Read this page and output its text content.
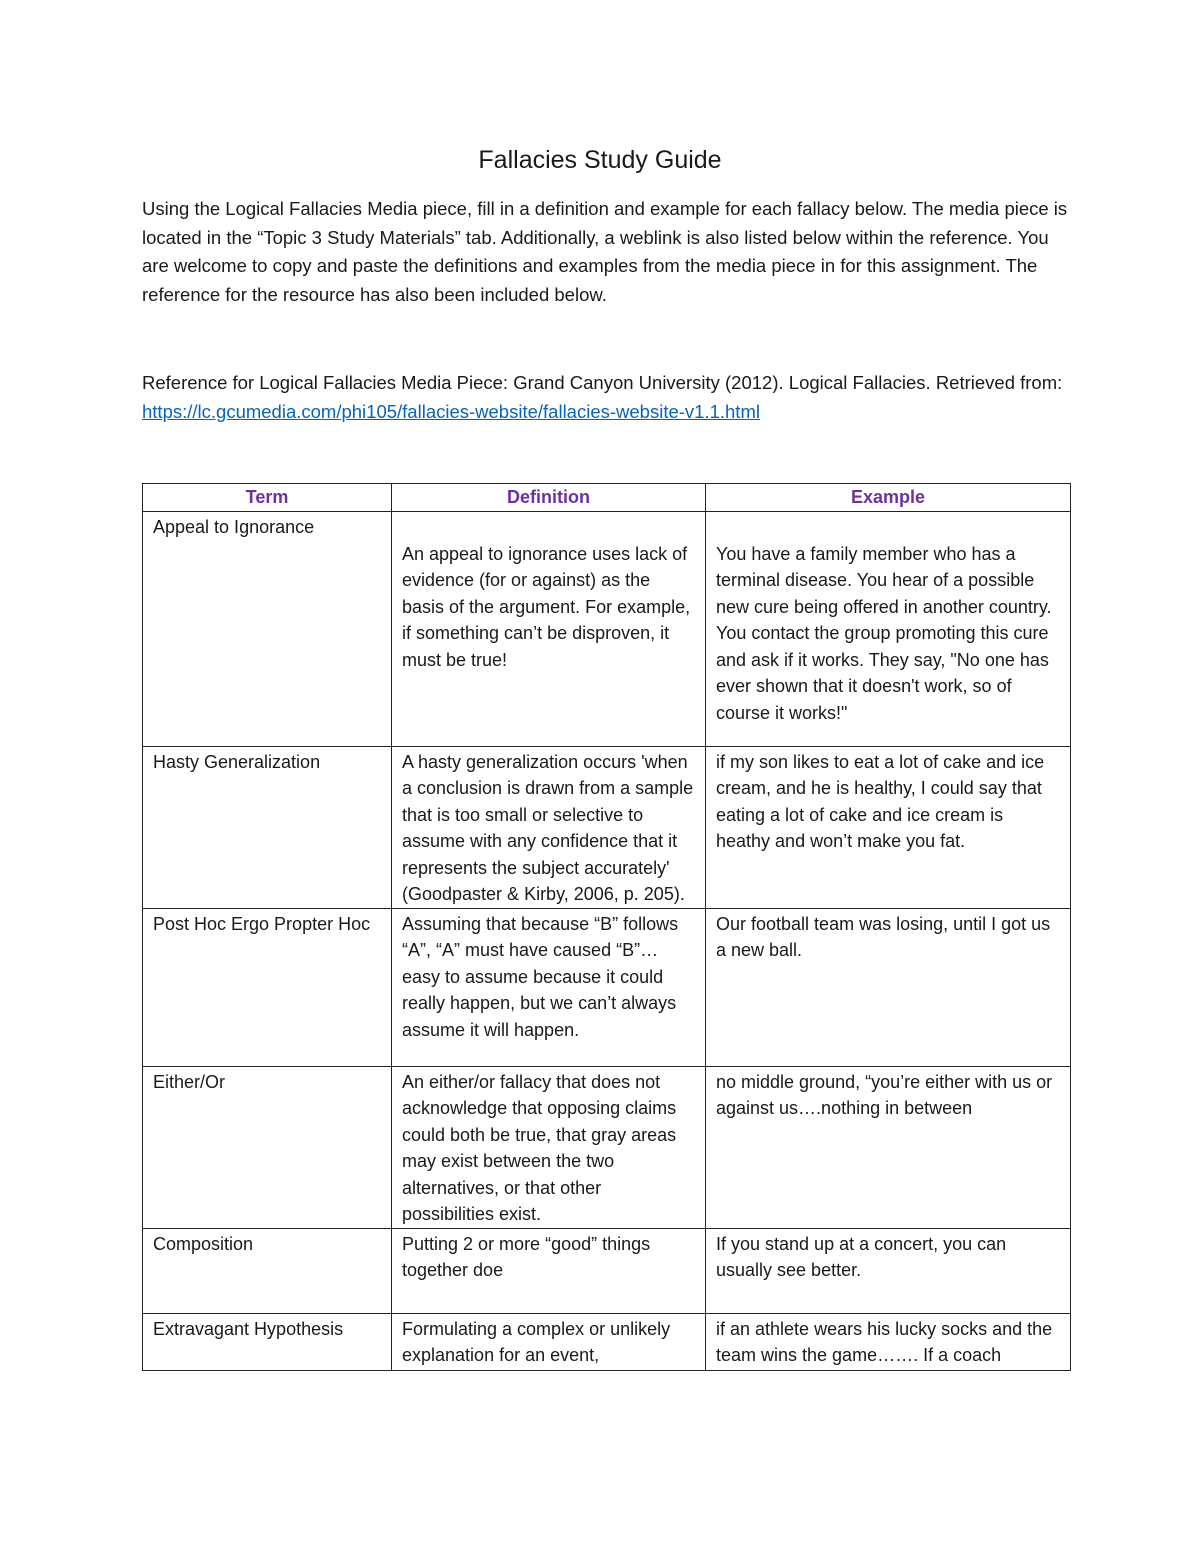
Fallacies Study Guide

Using the Logical Fallacies Media piece, fill in a definition and example for each fallacy below. The media piece is located in the “Topic 3 Study Materials” tab. Additionally, a weblink is also listed below within the reference. You are welcome to copy and paste the definitions and examples from the media piece in for this assignment. The reference for the resource has also been included below.

Reference for Logical Fallacies Media Piece: Grand Canyon University (2012). Logical Fallacies. Retrieved from: https://lc.gcumedia.com/phi105/fallacies-website/fallacies-website-v1.1.html

Term	Definition	Example
Appeal to Ignorance	An appeal to ignorance uses lack of evidence (for or against) as the basis of the argument. For example, if something can’t be disproven, it must be true!	You have a family member who has a terminal disease. You hear of a possible new cure being offered in another country. You contact the group promoting this cure and ask if it works. They say, "No one has ever shown that it doesn't work, so of course it works!"
Hasty Generalization	A hasty generalization occurs 'when a conclusion is drawn from a sample that is too small or selective to assume with any confidence that it represents the subject accurately' (Goodpaster & Kirby, 2006, p. 205).	if my son likes to eat a lot of cake and ice cream, and he is healthy, I could say that eating a lot of cake and ice cream is heathy and won’t make you fat.
Post Hoc Ergo Propter Hoc	Assuming that because “B” follows “A”, “A” must have caused “B”…easy to assume because it could really happen, but we can’t always assume it will happen.	Our football team was losing, until I got us a new ball.
Either/Or	An either/or fallacy that does not acknowledge that opposing claims could both be true, that gray areas may exist between the two alternatives, or that other possibilities exist.	no middle ground, “you’re either with us or against us….nothing in between
Composition	Putting 2 or more “good” things together doe	If you stand up at a concert, you can usually see better.
Extravagant Hypothesis	Formulating a complex or unlikely explanation for an event,	if an athlete wears his lucky socks and the team wins the game……. If a coach
